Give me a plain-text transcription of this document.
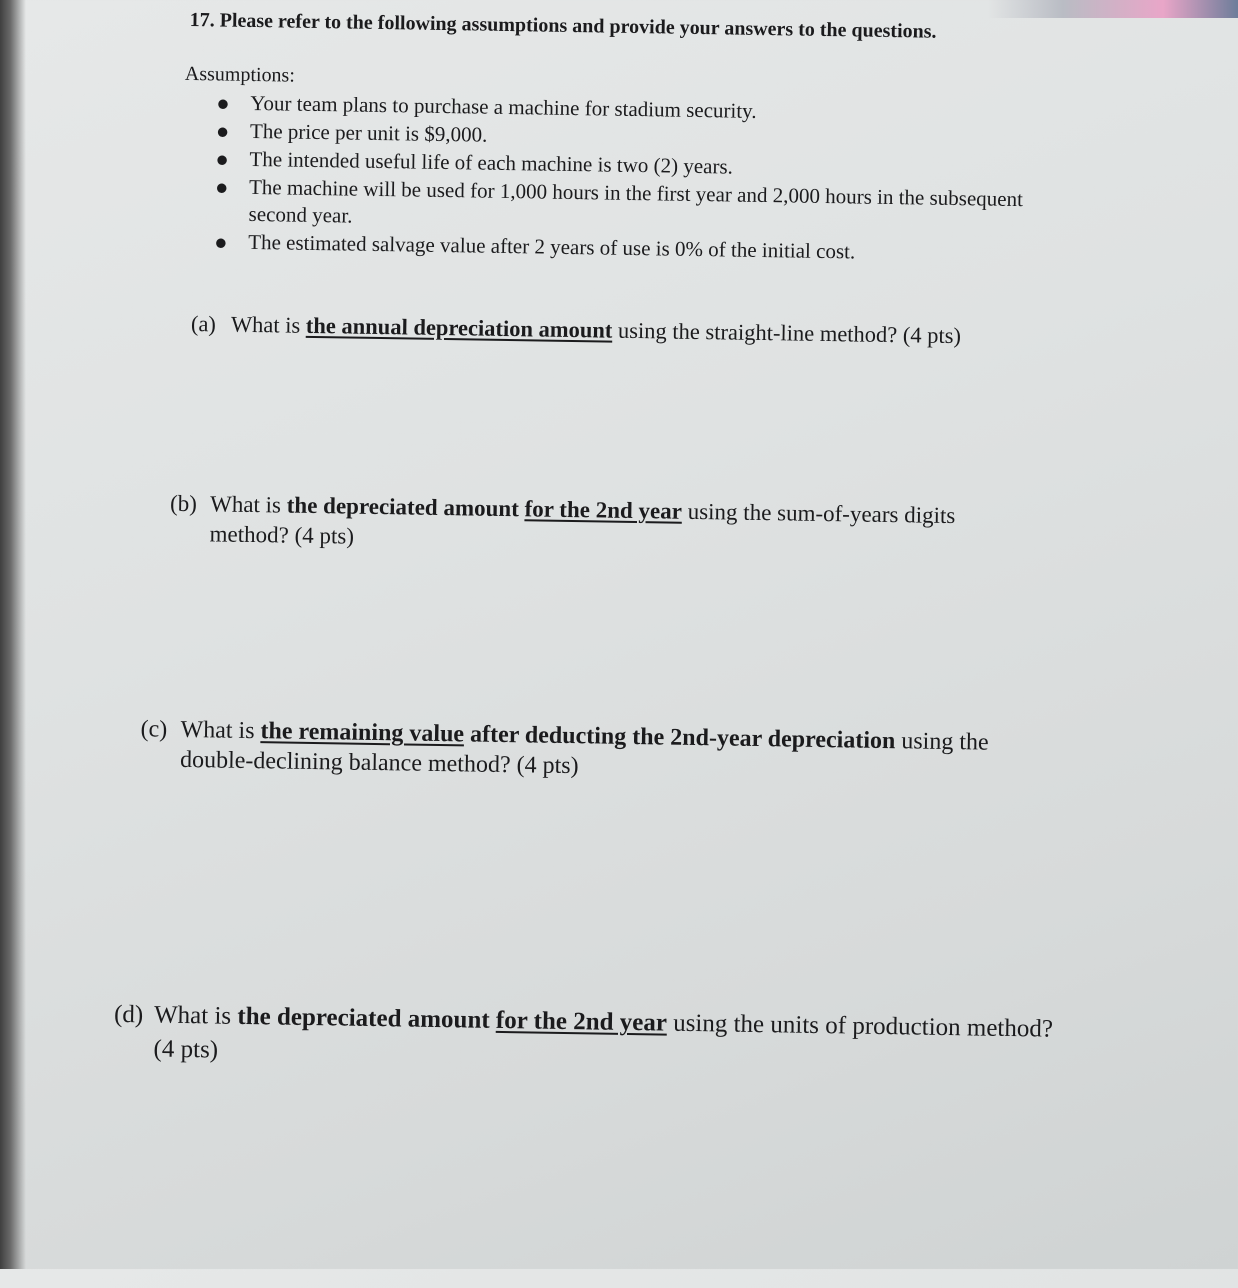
17. Please refer to the following assumptions and provide your answers to the questions.
Assumptions:
● Your team plans to purchase a machine for stadium security.
● The price per unit is $9,000.
● The intended useful life of each machine is two (2) years.
● The machine will be used for 1,000 hours in the first year and 2,000 hours in the subsequent second year.
● The estimated salvage value after 2 years of use is 0% of the initial cost.
(a) What is the annual depreciation amount using the straight-line method? (4 pts)
(b) What is the depreciated amount for the 2nd year using the sum-of-years digits
method? (4 pts)
(c) What is the remaining value after deducting the 2nd-year depreciation using the
double-declining balance method? (4 pts)
(d) What is the depreciated amount for the 2nd year using the units of production method?
(4 pts)
